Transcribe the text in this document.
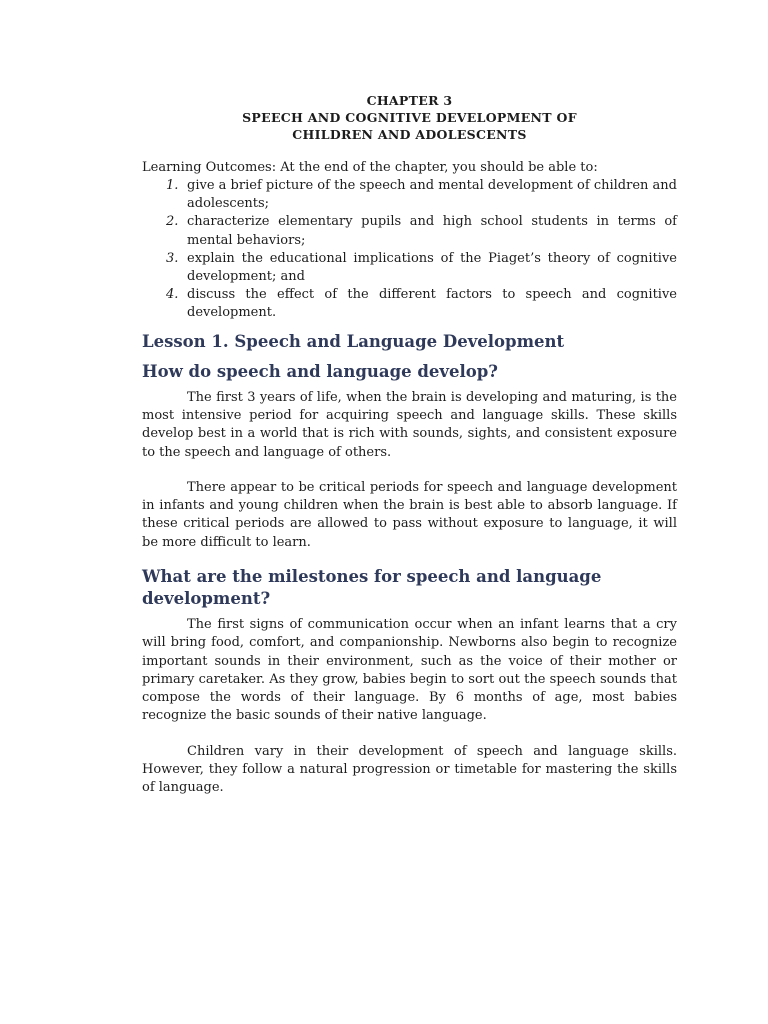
CHAPTER 3
SPEECH AND COGNITIVE DEVELOPMENT OF
CHILDREN AND ADOLESCENTS
Learning Outcomes: At the end of the chapter, you should be able to:
1. give a brief picture of the speech and mental development of children and adolescents;
2. characterize elementary pupils and high school students in terms of mental behaviors;
3. explain the educational implications of the Piaget’s theory of cognitive development; and
4. discuss the effect of the different factors to speech and cognitive development.
Lesson 1. Speech and Language Development
How do speech and language develop?

The first 3 years of life, when the brain is developing and maturing, is the most intensive period for acquiring speech and language skills. These skills develop best in a world that is rich with sounds, sights, and consistent exposure to the speech and language of others.

There appear to be critical periods for speech and language development in infants and young children when the brain is best able to absorb language. If these critical periods are allowed to pass without exposure to language, it will be more difficult to learn.

What are the milestones for speech and language development?

The first signs of communication occur when an infant learns that a cry will bring food, comfort, and companionship. Newborns also begin to recognize important sounds in their environment, such as the voice of their mother or primary caretaker. As they grow, babies begin to sort out the speech sounds that compose the words of their language. By 6 months of age, most babies recognize the basic sounds of their native language.

Children vary in their development of speech and language skills. However, they follow a natural progression or timetable for mastering the skills of language.
